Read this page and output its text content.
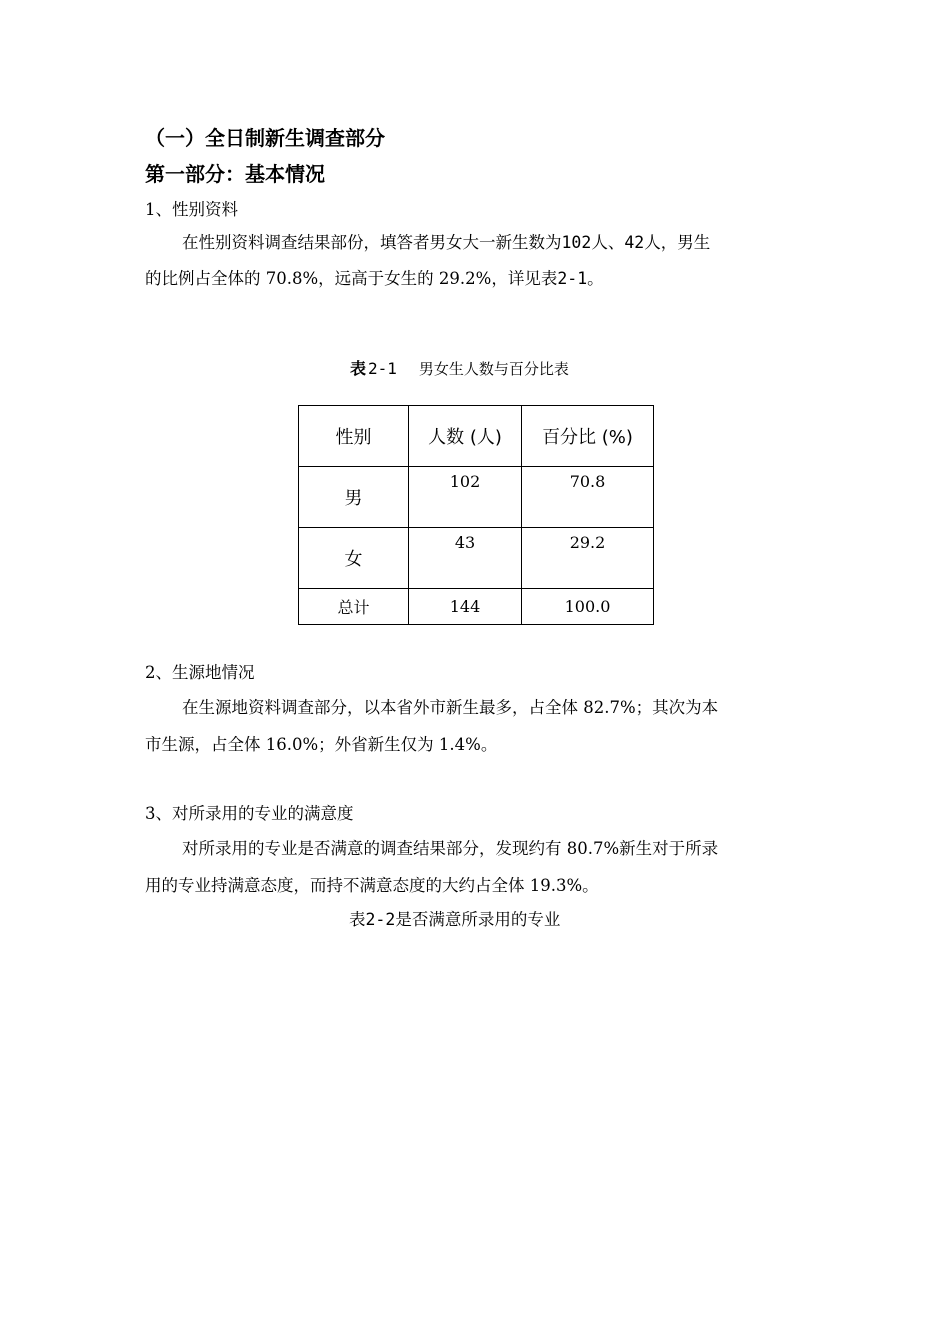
（一）全日制新生调查部分
第一部分：基本情况
1、性别资料
在性别资料调查结果部份，填答者男女大一新生数为102人、42人，男生
的比例占全体的 70.8%，远高于女生的 29.2%，详见表2-1。
表 2-1 男女生人数与百分比表
性别	人数 (人)	百分比 (%)
男	102	70.8
女	43	29.2
总计	144	100.0
2、生源地情况
在生源地资料调查部分，以本省外市新生最多，占全体 82.7%；其次为本
市生源，占全体 16.0%；外省新生仅为 1.4%。
3、对所录用的专业的满意度
对所录用的专业是否满意的调查结果部分，发现约有 80.7%新生对于所录
用的专业持满意态度，而持不满意态度的大约占全体 19.3%。
表2-2是否满意所录用的专业
